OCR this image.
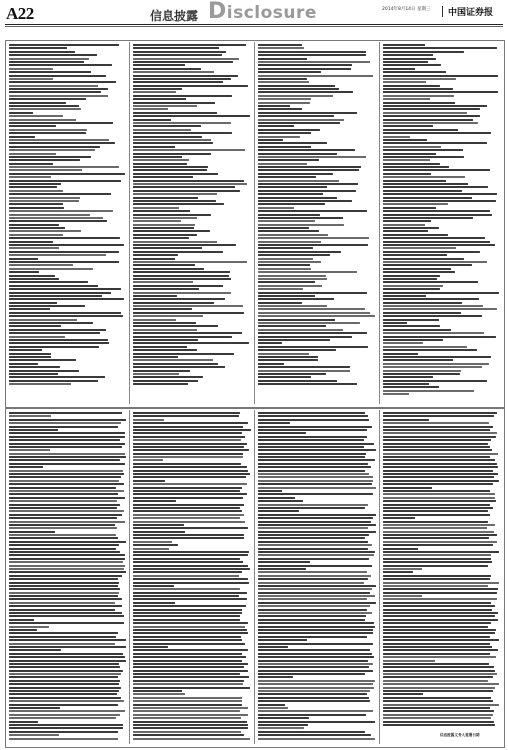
A22	信息披露 Disclosure	2014年8月14日 星期三 中国证券报
信息披露义务人签署日期
